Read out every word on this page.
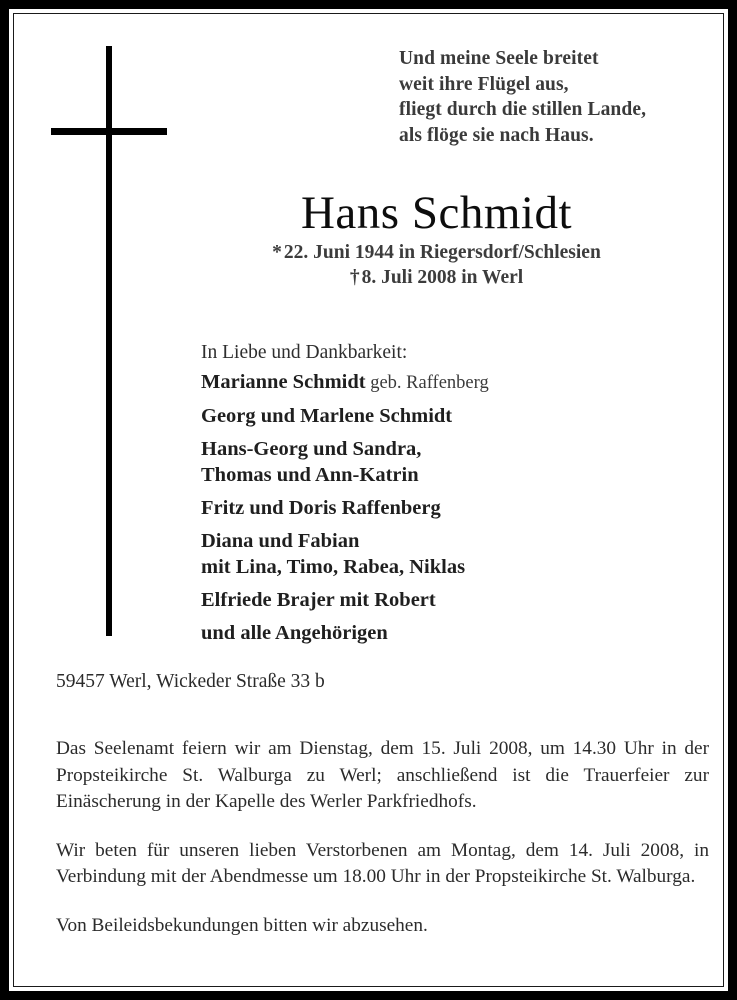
Und meine Seele breitet
weit ihre Flügel aus,
fliegt durch die stillen Lande,
als flöge sie nach Haus.
Hans Schmidt
* 22. Juni 1944 in Riegersdorf/Schlesien
† 8. Juli 2008 in Werl
In Liebe und Dankbarkeit:
Marianne Schmidt geb. Raffenberg
Georg und Marlene Schmidt
Hans-Georg und Sandra,
Thomas und Ann-Katrin
Fritz und Doris Raffenberg
Diana und Fabian
mit Lina, Timo, Rabea, Niklas
Elfriede Brajer mit Robert
und alle Angehörigen
59457 Werl, Wickeder Straße 33 b

Das Seelenamt feiern wir am Dienstag, dem 15. Juli 2008, um 14.30 Uhr in der Propsteikirche St. Walburga zu Werl; anschließend ist die Trauerfeier zur Einäscherung in der Kapelle des Werler Parkfriedhofs.

Wir beten für unseren lieben Verstorbenen am Montag, dem 14. Juli 2008, in Verbindung mit der Abendmesse um 18.00 Uhr in der Propsteikirche St. Walburga.

Von Beileidsbekundungen bitten wir abzusehen.
